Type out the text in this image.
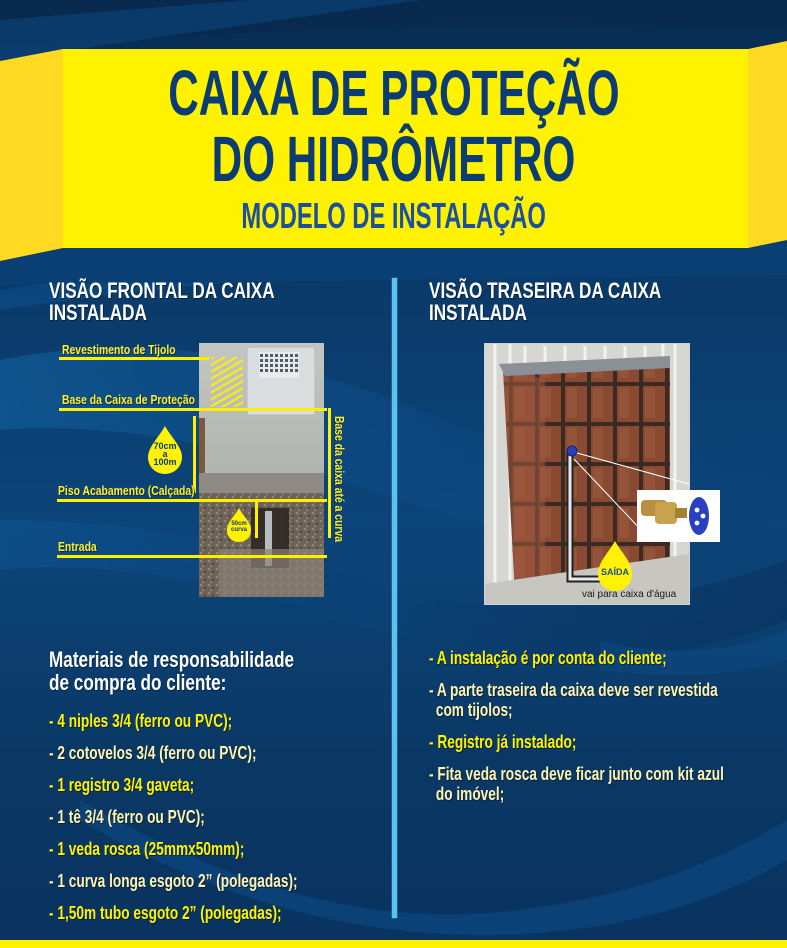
CAIXA DE PROTEÇÃO
DO HIDRÔMETRO
MODELO DE INSTALAÇÃO
VISÃO FRONTAL DA CAIXA
INSTALADA
VISÃO TRASEIRA DA CAIXA
INSTALADA
Revestimento de Tijolo
Base da Caixa de Proteção
Piso Acabamento (Calçada)
Entrada
Base da caixa até a curva
70cm
a
100m
50cm
curva
SAÍDA
vai para caixa d'água
Materiais de responsabilidade
de compra do cliente:
- 4 niples 3/4 (ferro ou PVC);
- 2 cotovelos 3/4 (ferro ou PVC);
- 1 registro 3/4 gaveta;
- 1 tê 3/4 (ferro ou PVC);
- 1 veda rosca (25mmx50mm);
- 1 curva longa esgoto 2” (polegadas);
- 1,50m tubo esgoto 2” (polegadas);
- A instalação é por conta do cliente;
- A parte traseira da caixa deve ser revestida
com tijolos;
- Registro já instalado;
- Fita veda rosca deve ficar junto com kit azul
do imóvel;
